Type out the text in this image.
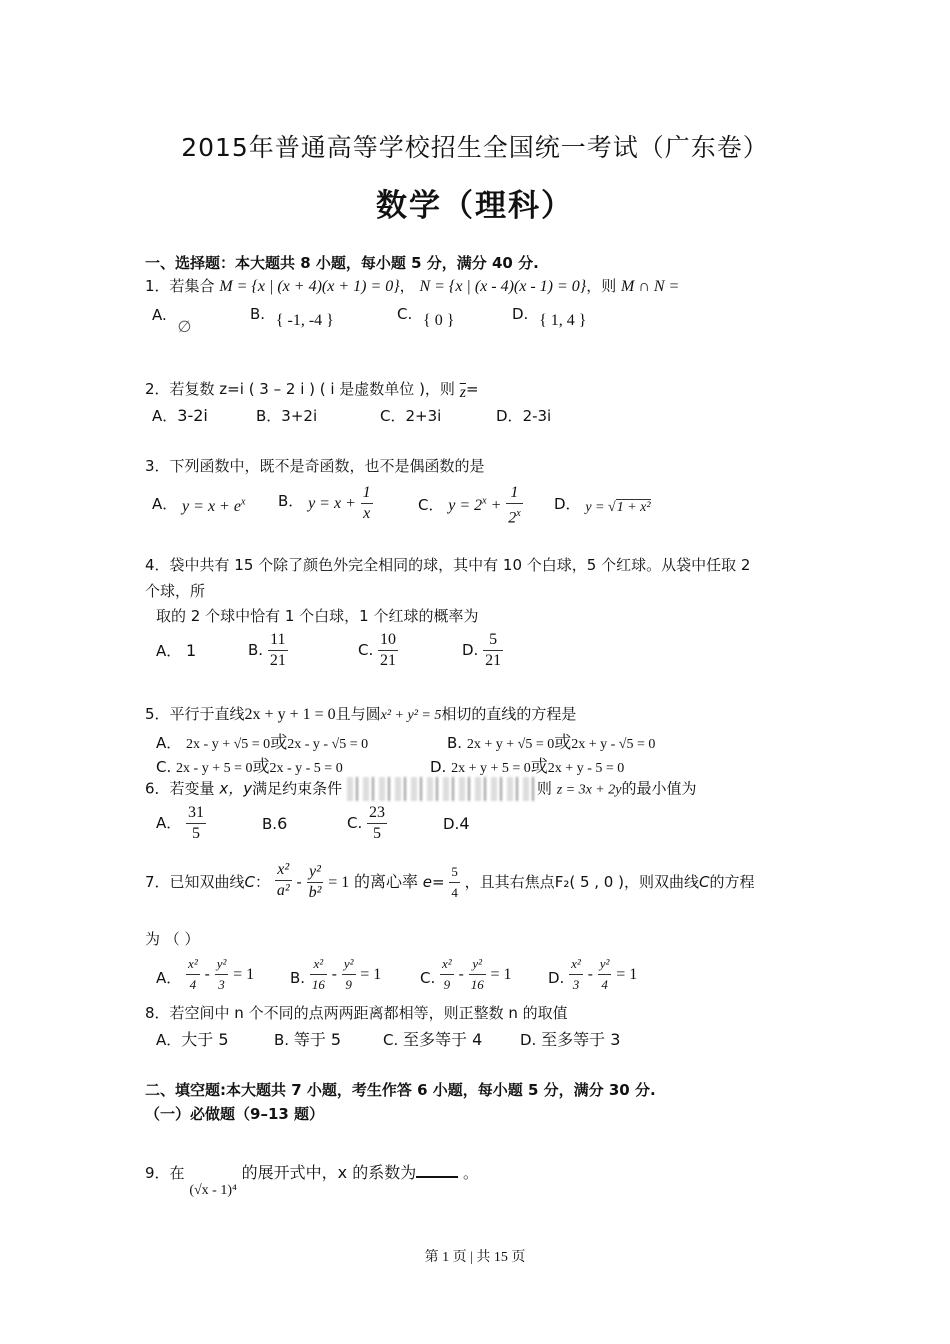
2015年普通高等学校招生全国统一考试（广东卷）
数学（理科）
一、选择题：本大题共 8 小题，每小题 5 分，满分 40 分.
1．若集合 M = {x | (x + 4)(x + 1) = 0}， N = {x | (x - 4)(x - 1) = 0}，则 M ∩ N =
A. ∅
B. { -1, -4 }	C. { 0 }	D. { 1, 4 }
2．若复数 z=i ( 3 – 2 i ) ( i 是虚数单位 )，则 $\overline{z}=$
A．3-2i	B．3+2i	C．2+3i	D．2-3i
3．下列函数中，既不是奇函数，也不是偶函数的是
A． $y = x + e^x$ B． $y = x + \frac{1}{x}$	C． $y = 2^x + \frac{1}{2^x}$ D． y = √1 + x²
4．袋中共有 15 个除了颜色外完全相同的球，其中有 10 个白球，5 个红球。从袋中任取 2
个球，所
取的 2 个球中恰有 1 个白球，1 个红球的概率为
A． 1	B. $\frac{11}{21}$	C. $\frac{10}{21}$	D. $\frac{5}{21}$
5．平行于直线2x + y + 1 = 0且与圆x² + y² = 5相切的直线的方程是
A． 2x - y + √5 = 0或2x - y - √5 = 0	B. 2x + y + √5 = 0或2x + y - √5 = 0
C. 2x - y + 5 = 0或2x - y - 5 = 0	D. 2x + y + 5 = 0或2x + y - 5 = 0
6．若变量 x，y满足约束条件	则 z = 3x + 2y的最小值为
A． $\frac{31}{5}$	B.6	C. $\frac{23}{5}$	D.4
7．已知双曲线C： $\frac{\text{x²}}{\text{a²}} - \frac{\text{y²}}{\text{b²}} = 1$ 的离心率 $e= \frac{5}{4}$ ，且其右焦点F₂( 5 , 0 )，则双曲线C的方程
为 （ ）
A． $\frac{\text{x²}}{4} - \frac{\text{y²}}{3} = 1$ B. $\frac{\text{x²}}{16} - \frac{\text{y²}}{9} = 1$	C. $\frac{\text{x²}}{9} - \frac{\text{y²}}{16} = 1$ D. $\frac{\text{x²}}{3} - \frac{\text{y²}}{4} = 1$
8．若空间中 n 个不同的点两两距离都相等，则正整数 n 的取值
A．大于 5	B. 等于 5	C. 至多等于 4	D. 至多等于 3
二、填空题:本大题共 7 小题，考生作答 6 小题，每小题 5 分，满分 30 分.
（一）必做题（9–13 题）
9．在 (√x - 1)⁴ 的展开式中，x 的系数为	。
第 1 页 | 共 15 页
